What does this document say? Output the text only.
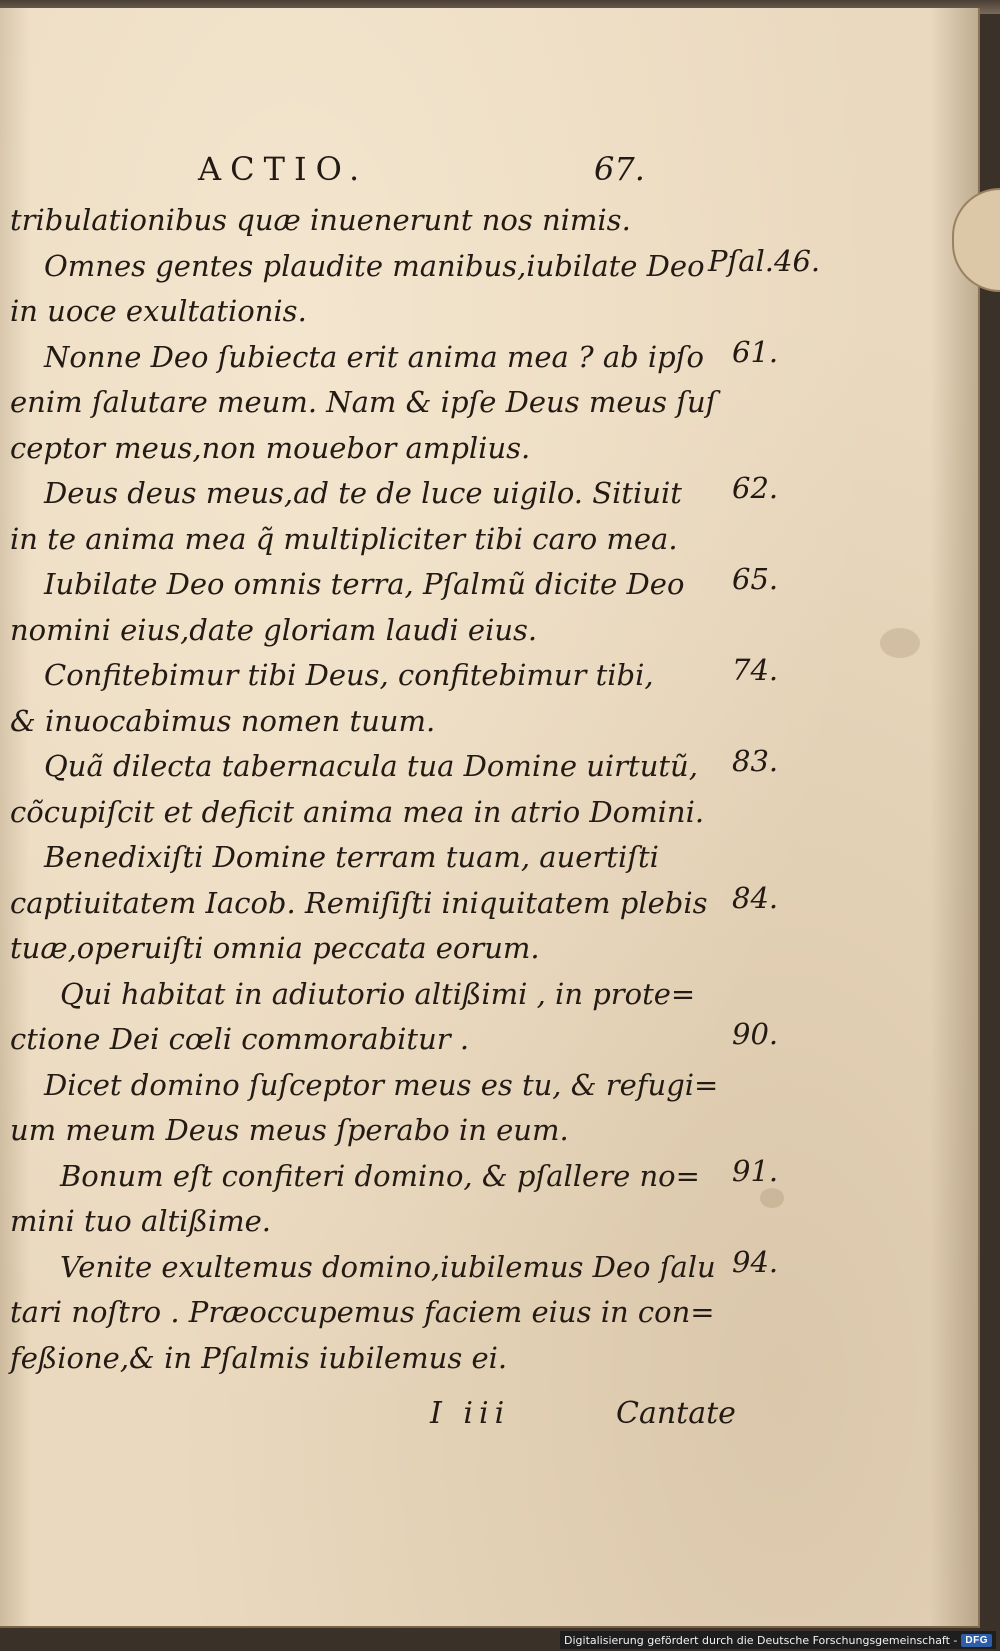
ACTIO.	67.
tribulationibus quæ inuenerunt nos nimis.
Omnes gentes plaudite manibus,iubilate Deo
in uoce exultationis.
Nonne Deo ſubiecta erit anima mea ? ab ipſo
enim ſalutare meum. Nam & ipſe Deus meus ſuſ
ceptor meus,non mouebor amplius.
Deus deus meus,ad te de luce uigilo. Sitiuit
in te anima mea q̃ multipliciter tibi caro mea.
Iubilate Deo omnis terra, Pſalmũ dicite Deo
nomini eius,date gloriam laudi eius.
Confitebimur tibi Deus, confitebimur tibi,
& inuocabimus nomen tuum.
Quã dilecta tabernacula tua Domine uirtutũ,
cõcupiſcit et deficit anima mea in atrio Domini.
Benedixiſti Domine terram tuam, auertiſti
captiuitatem Iacob. Remiſiſti iniquitatem plebis
tuæ,operuiſti omnia peccata eorum.
Qui habitat in adiutorio altißimi , in prote=
ctione Dei cœli commorabitur .
Dicet domino ſuſceptor meus es tu, & refugi=
um meum Deus meus ſperabo in eum.
Bonum eſt confiteri domino, & pſallere no=
mini tuo altißime.
Venite exultemus domino,iubilemus Deo ſalu
tari noſtro . Præoccupemus faciem eius in con=
feßione,& in Pſalmis iubilemus ei.
Pſal.46.
61.
62.
65.
74.
83.
84.
90.
91.
94.
I iii	Cantate
Digitalisierung gefördert durch die Deutsche Forschungsgemeinschaft - DFG
